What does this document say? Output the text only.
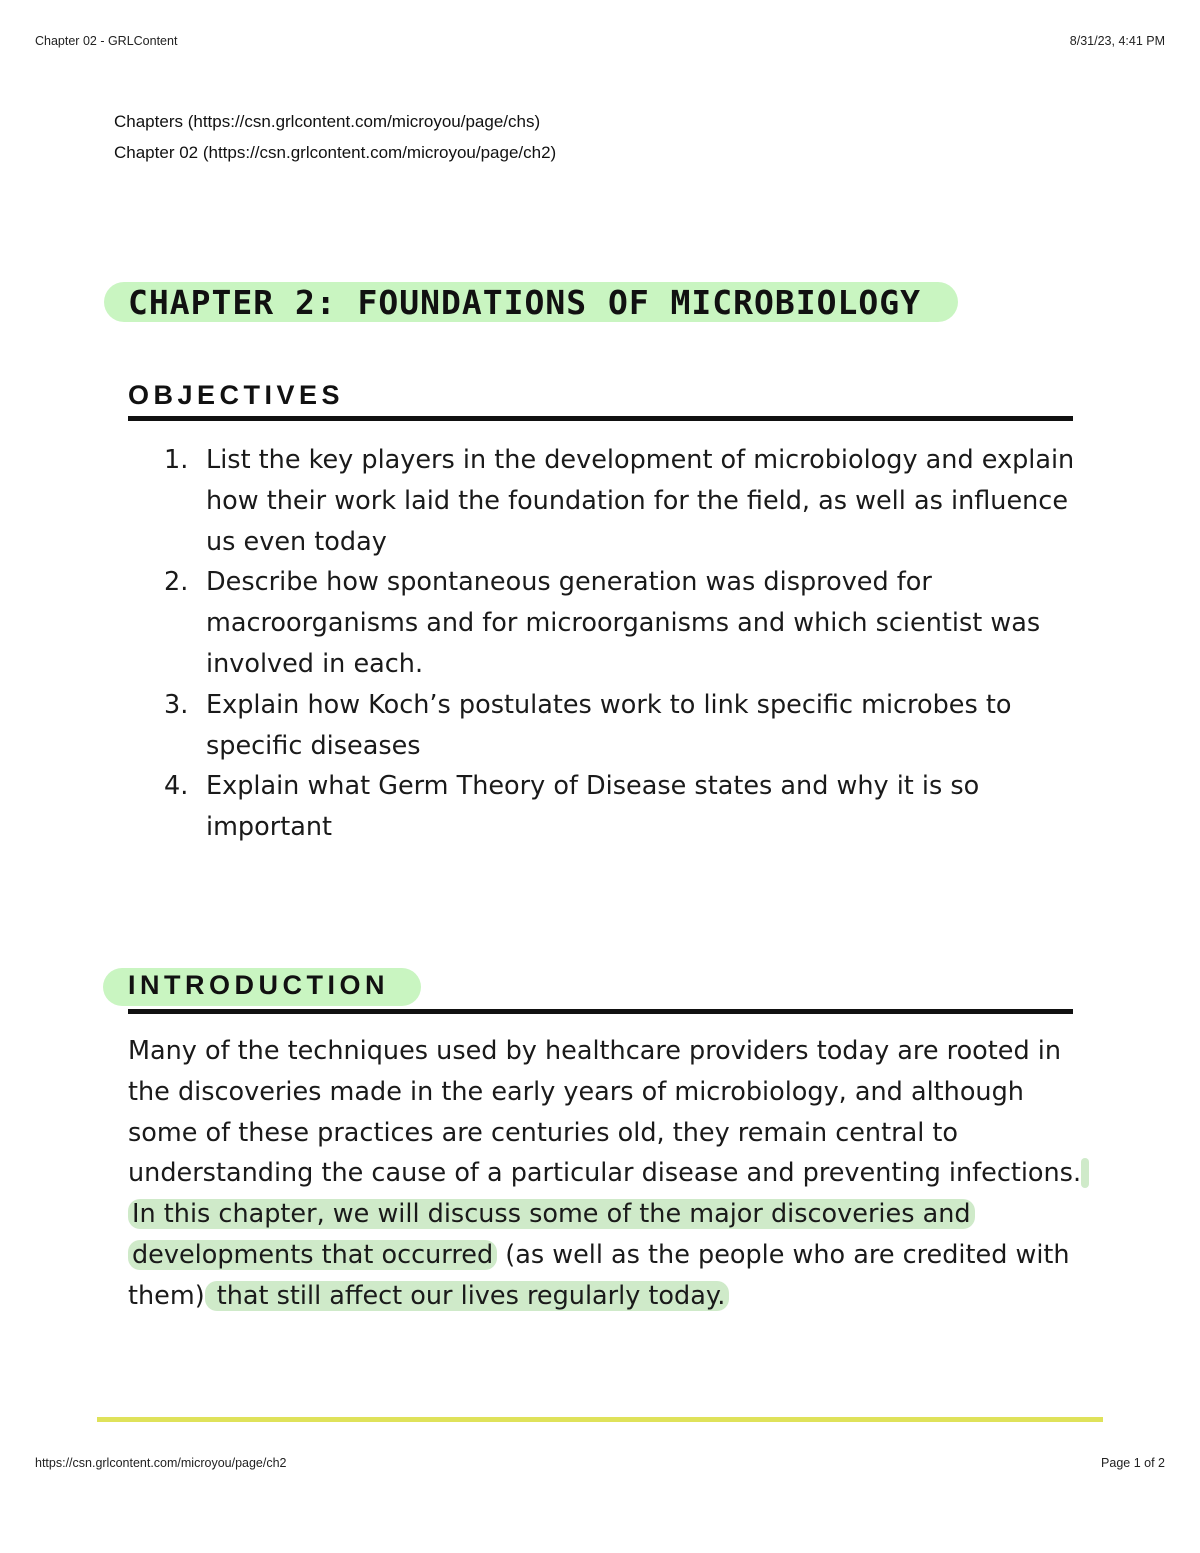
Chapter 02 - GRLContent	8/31/23, 4:41 PM
Chapters (https://csn.grlcontent.com/microyou/page/chs)
Chapter 02 (https://csn.grlcontent.com/microyou/page/ch2)
CHAPTER 2: FOUNDATIONS OF MICROBIOLOGY
OBJECTIVES
1. List the key players in the development of microbiology and explain how their work laid the foundation for the field, as well as influence us even today
2. Describe how spontaneous generation was disproved for macroorganisms and for microorganisms and which scientist was involved in each.
3. Explain how Koch’s postulates work to link specific microbes to specific diseases
4. Explain what Germ Theory of Disease states and why it is so important
INTRODUCTION

Many of the techniques used by healthcare providers today are rooted in the discoveries made in the early years of microbiology, and although some of these practices are centuries old, they remain central to understanding the cause of a particular disease and preventing infections. In this chapter, we will discuss some of the major discoveries and developments that occurred (as well as the people who are credited with them) that still affect our lives regularly today.

https://csn.grlcontent.com/microyou/page/ch2	Page 1 of 2
